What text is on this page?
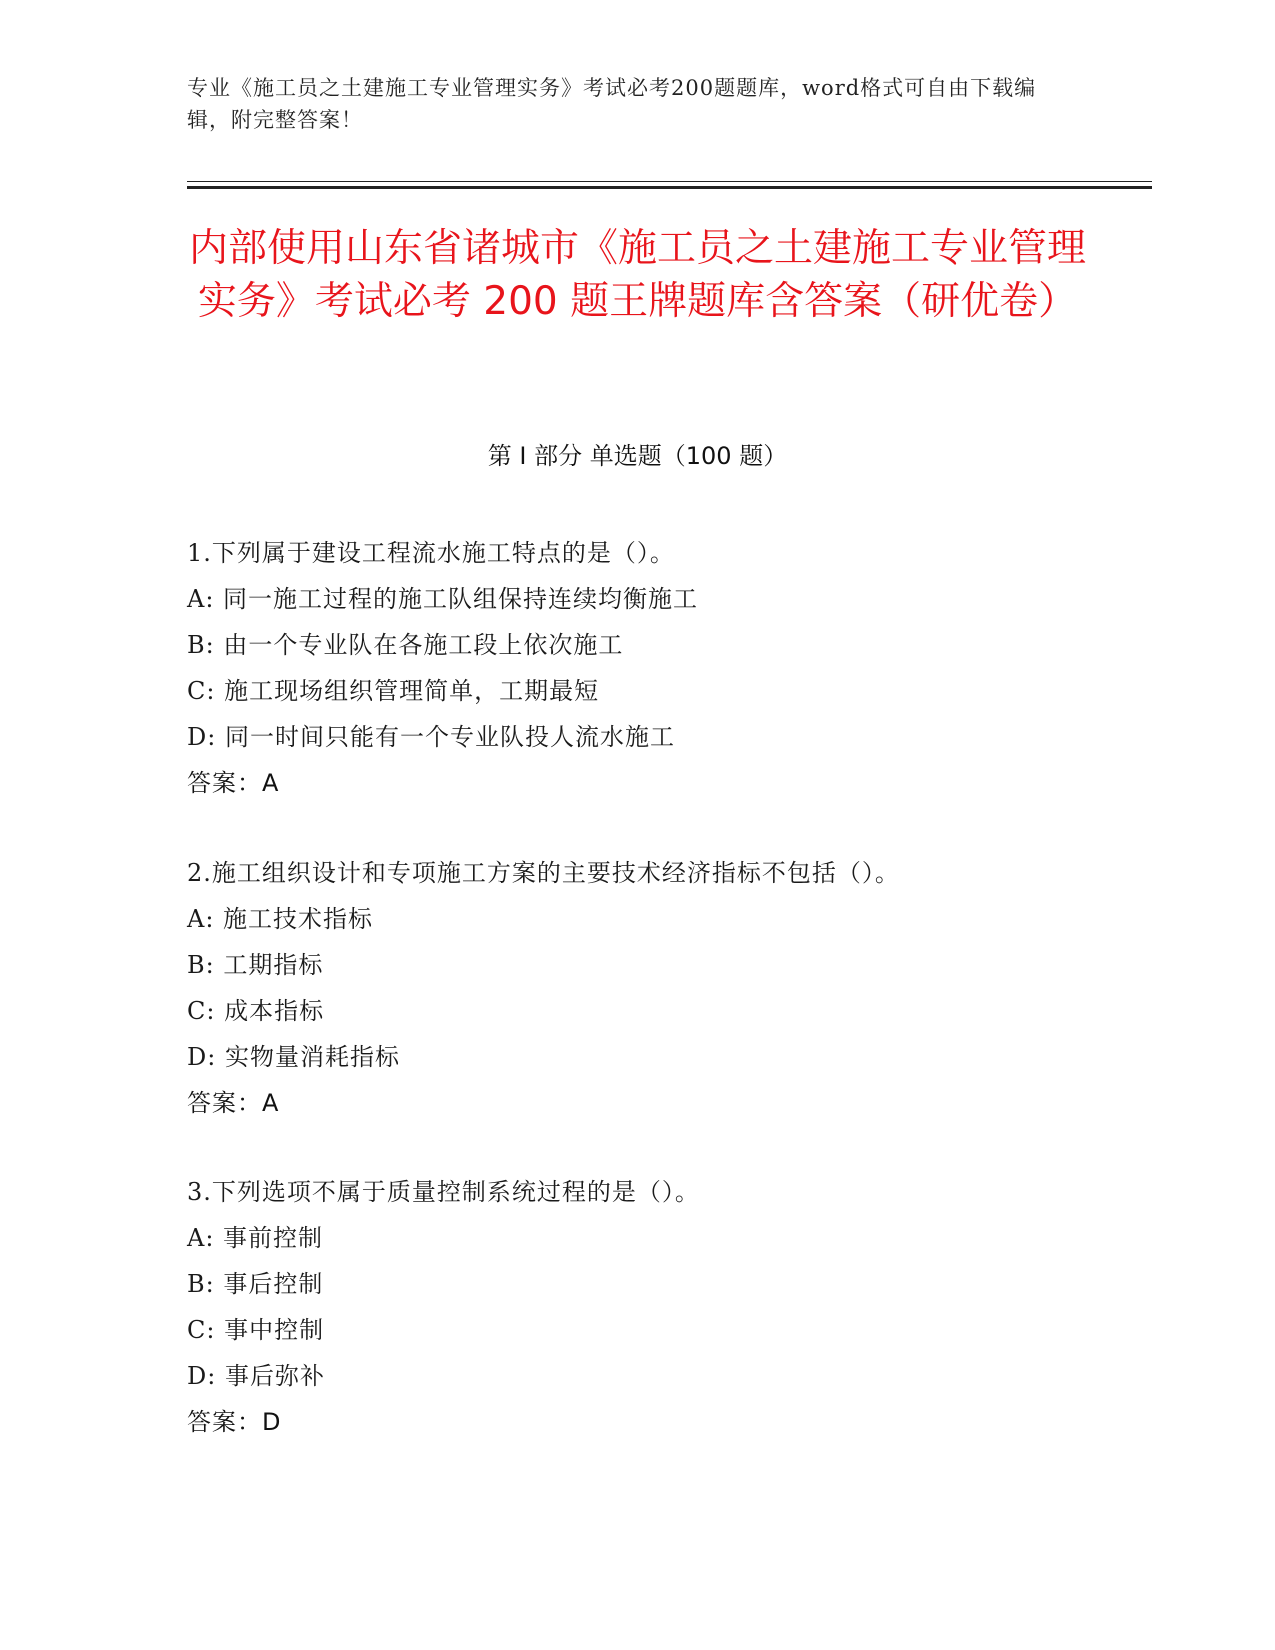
专业《施工员之土建施工专业管理实务》考试必考200题题库，word格式可自由下载编辑，附完整答案！
内部使用山东省诸城市《施工员之土建施工专业管理实务》考试必考 200 题王牌题库含答案（研优卷）
第 I 部分 单选题（100 题）
1.下列属于建设工程流水施工特点的是（）。
A: 同一施工过程的施工队组保持连续均衡施工
B: 由一个专业队在各施工段上依次施工
C: 施工现场组织管理简单，工期最短
D: 同一时间只能有一个专业队投人流水施工
答案：A
2.施工组织设计和专项施工方案的主要技术经济指标不包括（）。
A: 施工技术指标
B: 工期指标
C: 成本指标
D: 实物量消耗指标
答案：A
3.下列选项不属于质量控制系统过程的是（）。
A: 事前控制
B: 事后控制
C: 事中控制
D: 事后弥补
答案：D
